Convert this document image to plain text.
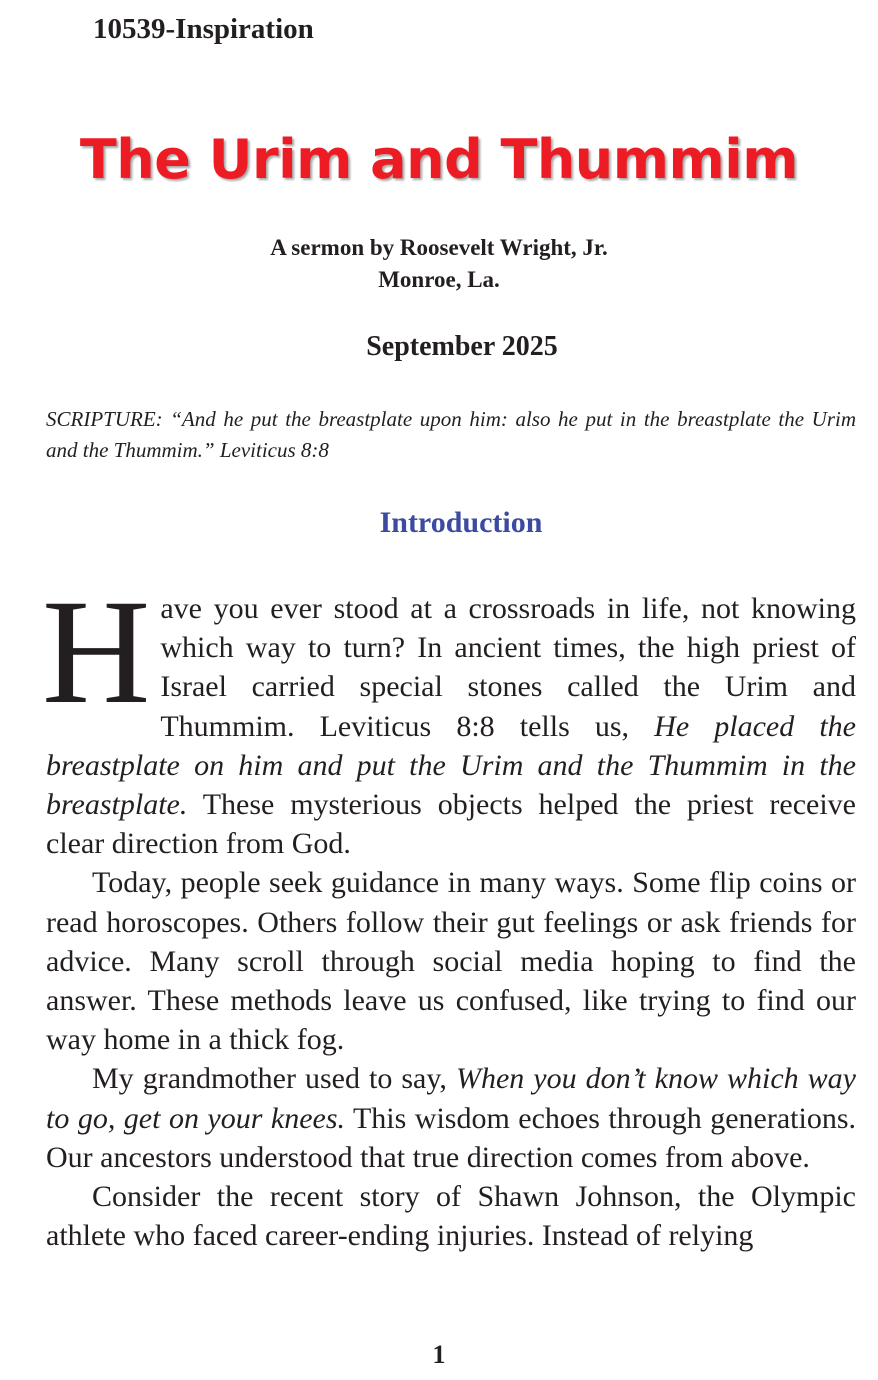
10539-Inspiration
The Urim and Thummim
A sermon by Roosevelt Wright, Jr.
Monroe, La.
September 2025
SCRIPTURE: “And he put the breastplate upon him: also he put in the breastplate the Urim and the Thummim.” Leviticus 8:8
Introduction

Have you ever stood at a crossroads in life, not knowing which way to turn? In ancient times, the high priest of Israel carried special stones called the Urim and Thummim. Leviticus 8:8 tells us, He placed the breastplate on him and put the Urim and the Thummim in the breastplate. These mysterious objects helped the priest receive clear direction from God.

Today, people seek guidance in many ways. Some flip coins or read horoscopes. Others follow their gut feelings or ask friends for advice. Many scroll through social media hoping to find the answer. These methods leave us confused, like trying to find our way home in a thick fog.

My grandmother used to say, When you don’t know which way to go, get on your knees. This wisdom echoes through generations. Our ancestors understood that true direction comes from above.

Consider the recent story of Shawn Johnson, the Olympic athlete who faced career-ending injuries. Instead of relying

1
